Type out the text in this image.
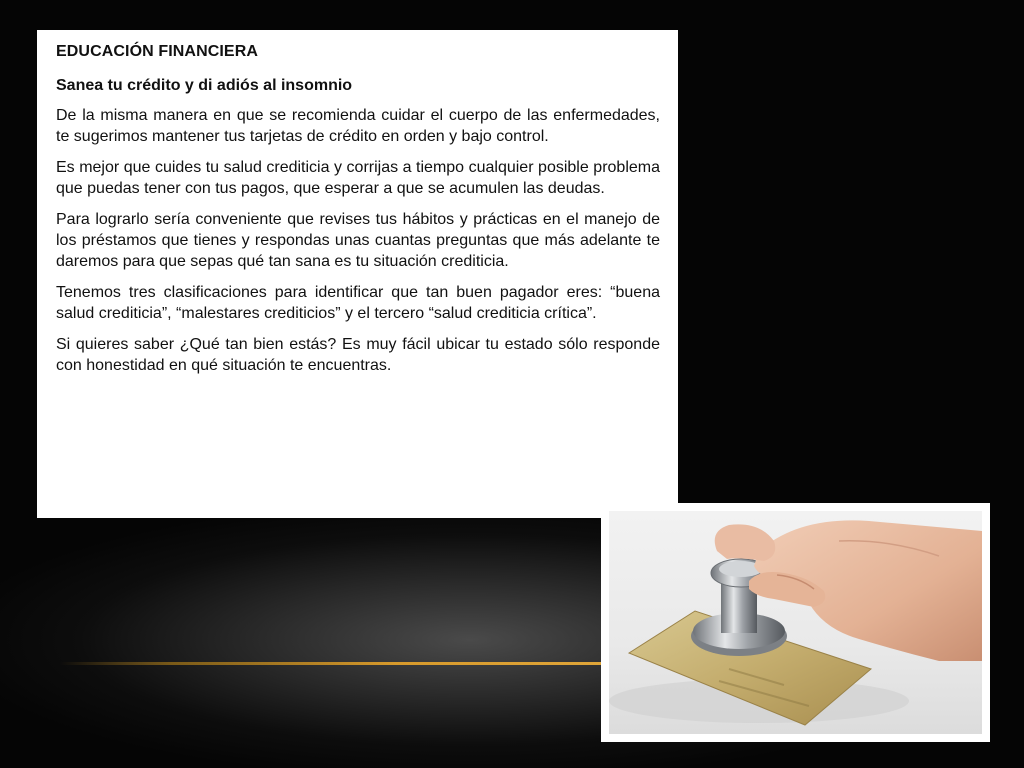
EDUCACIÓN FINANCIERA
Sanea tu crédito y di adiós al insomnio

De la misma manera en que se recomienda cuidar el cuerpo de las enfermedades, te sugerimos mantener tus tarjetas de crédito en orden y bajo control.

Es mejor que cuides tu salud crediticia y corrijas a tiempo cualquier posible problema que puedas tener con tus pagos, que esperar a que se acumulen las deudas.

Para lograrlo sería conveniente que revises tus hábitos y prácticas en el manejo de los préstamos que tienes y respondas unas cuantas preguntas que más adelante te daremos para que sepas qué tan sana es tu situación crediticia.

Tenemos tres clasificaciones para identificar que tan buen pagador eres: “buena salud crediticia”, “malestares crediticios” y el tercero “salud crediticia crítica”.

Si quieres saber ¿Qué tan bien estás? Es muy fácil ubicar tu estado sólo responde con honestidad en qué situación te encuentras.
